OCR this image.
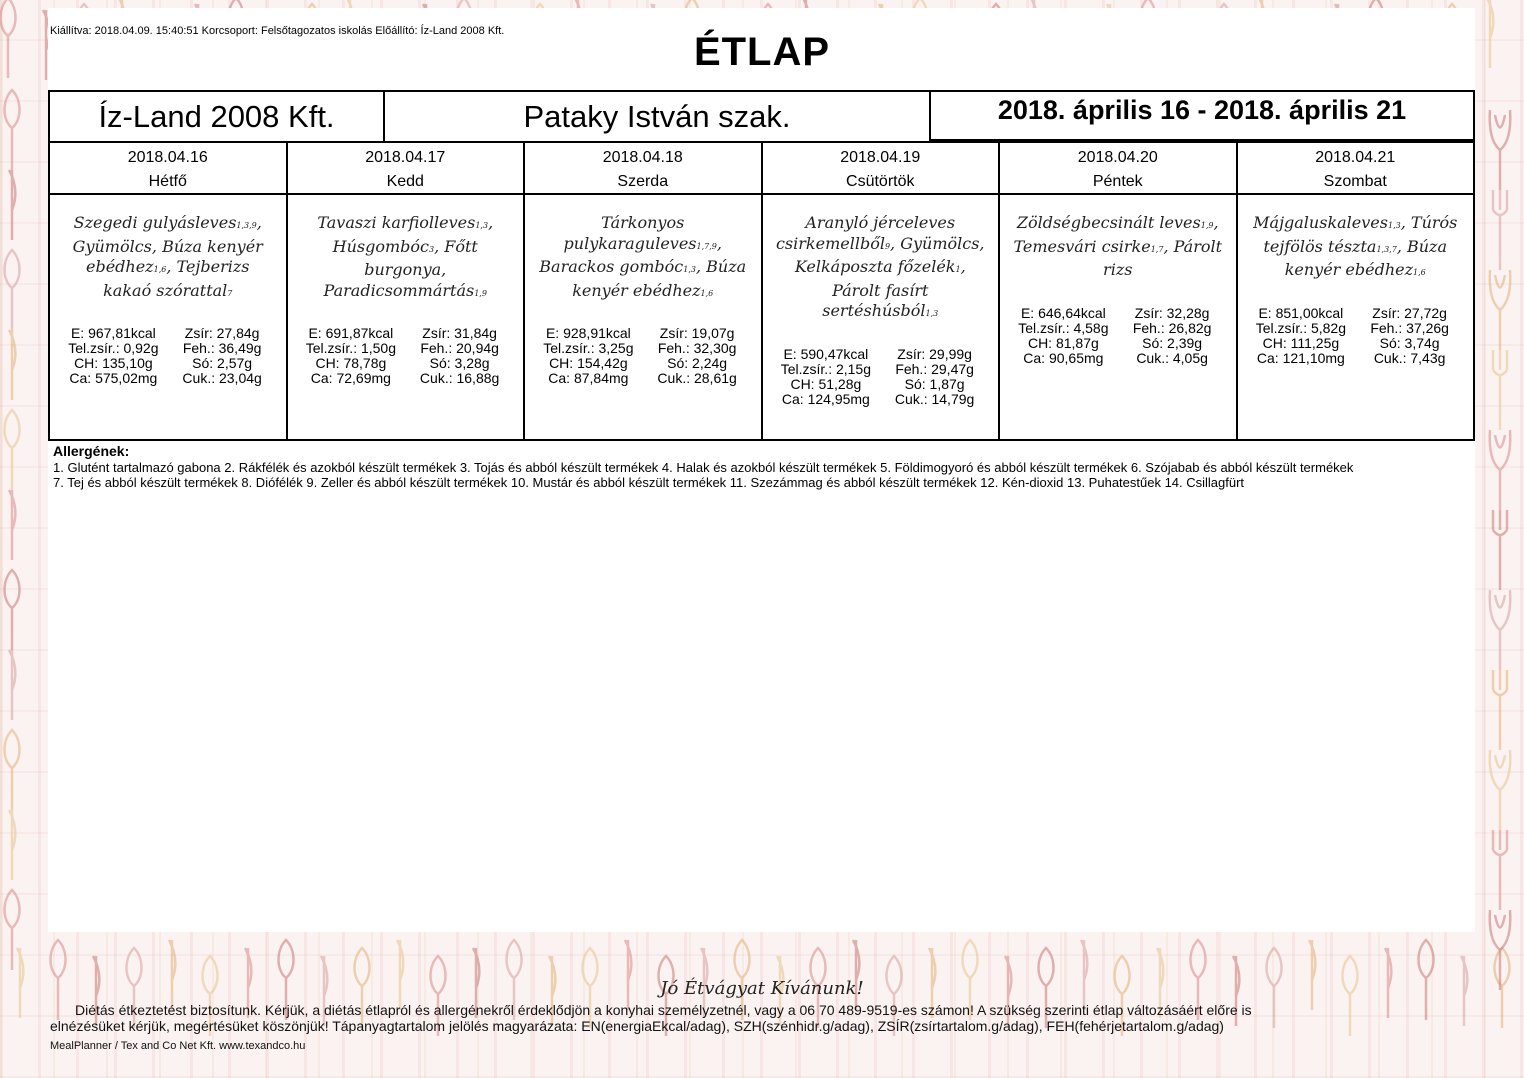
Kiállítva: 2018.04.09. 15:40:51 Korcsoport: Felsőtagozatos iskolás Előállító: Íz-Land 2008 Kft.	ÉTLAP
Íz-Land 2008 Kft.	Pataky István szak.	2018. április 16 - 2018. április 21
2018.04.16
Hétfő
Szegedi gulyásleves1,3,9, Gyümölcs, Búza kenyér ebédhez1,6, Tejberizs kakaó szórattal7
E: 967,81kcal	Zsír: 27,84g
Tel.zsír.: 0,92g	Feh.: 36,49g
CH: 135,10g	Só: 2,57g
Ca: 575,02mg	Cuk.: 23,04g
2018.04.17
Kedd
Tavaszi karfiolleves1,3, Húsgombóc3, Főtt burgonya, Paradicsommártás1,9
E: 691,87kcal	Zsír: 31,84g
Tel.zsír.: 1,50g	Feh.: 20,94g
CH: 78,78g	Só: 3,28g
Ca: 72,69mg	Cuk.: 16,88g
2018.04.18
Szerda
Tárkonyos pulykaraguleves1,7,9, Barackos gombóc1,3, Búza kenyér ebédhez1,6
E: 928,91kcal	Zsír: 19,07g
Tel.zsír.: 3,25g	Feh.: 32,30g
CH: 154,42g	Só: 2,24g
Ca: 87,84mg	Cuk.: 28,61g
2018.04.19
Csütörtök
Aranyló jérceleves csirkemellből9, Gyümölcs, Kelkáposzta főzelék1, Párolt fasírt sertéshúsból1,3
E: 590,47kcal	Zsír: 29,99g
Tel.zsír.: 2,15g	Feh.: 29,47g
CH: 51,28g	Só: 1,87g
Ca: 124,95mg	Cuk.: 14,79g
2018.04.20
Péntek
Zöldségbecsinált leves1,9, Temesvári csirke1,7, Párolt rizs
E: 646,64kcal	Zsír: 32,28g
Tel.zsír.: 4,58g	Feh.: 26,82g
CH: 81,87g	Só: 2,39g
Ca: 90,65mg	Cuk.: 4,05g
2018.04.21
Szombat
Májgaluskaleves1,3, Túrós tejfölös tészta1,3,7, Búza kenyér ebédhez1,6
E: 851,00kcal	Zsír: 27,72g
Tel.zsír.: 5,82g	Feh.: 37,26g
CH: 111,25g	Só: 3,74g
Ca: 121,10mg	Cuk.: 7,43g
Allergének:
1. Glutént tartalmazó gabona 2. Rákfélék és azokból készült termékek 3. Tojás és abból készült termékek 4. Halak és azokból készült termékek 5. Földimogyoró és abból készült termékek 6. Szójabab és abból készült termékek
7. Tej és abból készült termékek 8. Diófélék 9. Zeller és abból készült termékek 10. Mustár és abból készült termékek 11. Szezámmag és abból készült termékek 12. Kén-dioxid 13. Puhatestűek 14. Csillagfürt
Jó Étvágyat Kívánunk!
Diétás étkeztetést biztosítunk. Kérjük, a diétás étlapról és allergénekről érdeklődjön a konyhai személyzetnél, vagy a 06 70 489-9519-es számon! A szükség szerinti étlap változásáért előre is
elnézésüket kérjük, megértésüket köszönjük! Tápanyagtartalom jelölés magyarázata: EN(energiaEkcal/adag), SZH(szénhidr.g/adag), ZSÍR(zsírtartalom.g/adag), FEH(fehérjetartalom.g/adag)
MealPlanner / Tex and Co Net Kft. www.texandco.hu
